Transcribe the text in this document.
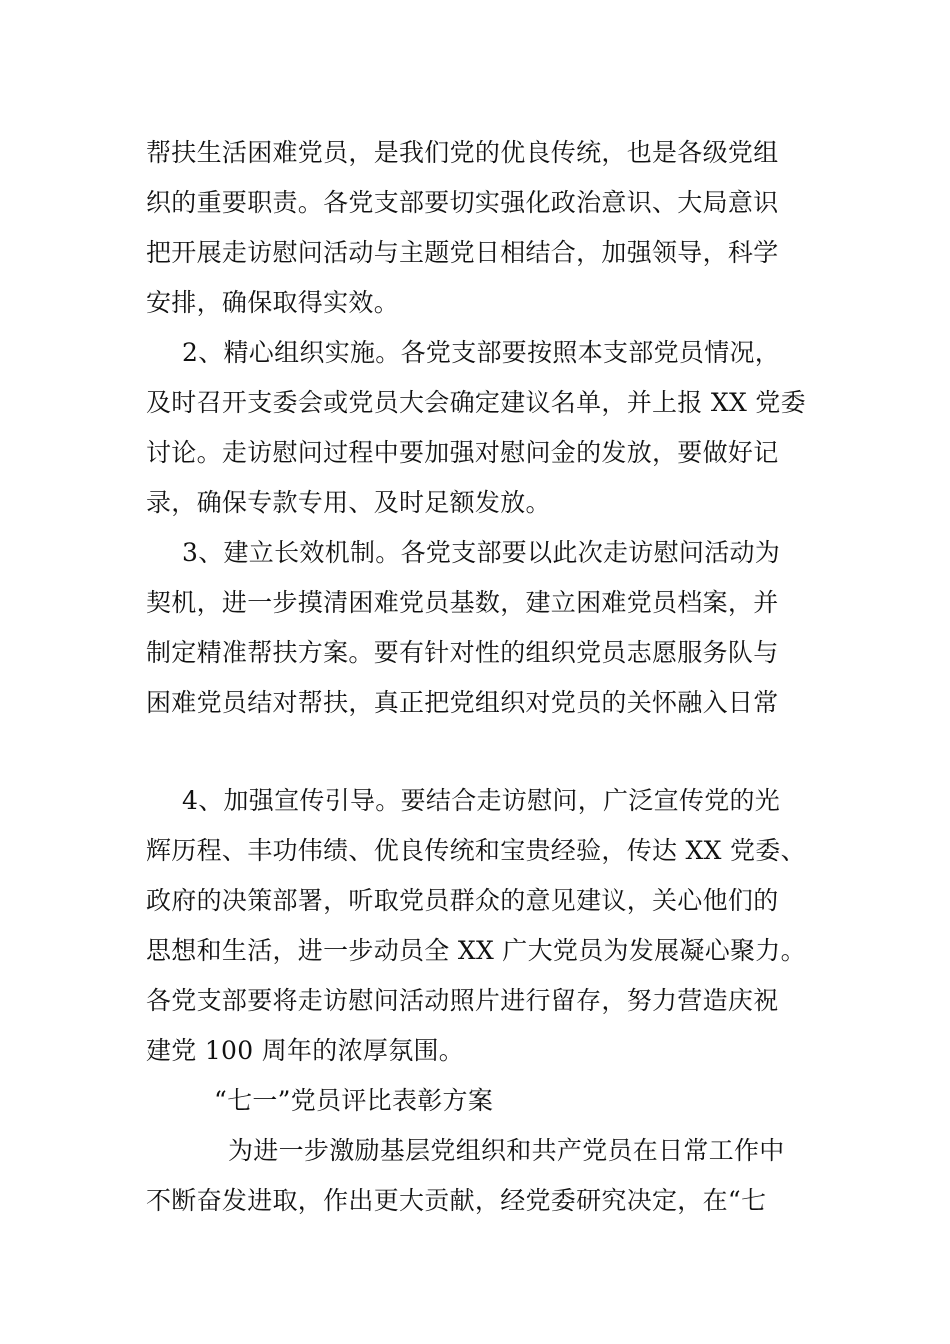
帮扶生活困难党员，是我们党的优良传统，也是各级党组
织的重要职责。各党支部要切实强化政治意识、大局意识
把开展走访慰问活动与主题党日相结合，加强领导，科学
安排，确保取得实效。
2、精心组织实施。各党支部要按照本支部党员情况，
及时召开支委会或党员大会确定建议名单，并上报 XX 党委
讨论。走访慰问过程中要加强对慰问金的发放，要做好记
录，确保专款专用、及时足额发放。
3、建立长效机制。各党支部要以此次走访慰问活动为
契机，进一步摸清困难党员基数，建立困难党员档案，并
制定精准帮扶方案。要有针对性的组织党员志愿服务队与
困难党员结对帮扶，真正把党组织对党员的关怀融入日常
4、加强宣传引导。要结合走访慰问，广泛宣传党的光
辉历程、丰功伟绩、优良传统和宝贵经验，传达 XX 党委、
政府的决策部署，听取党员群众的意见建议，关心他们的
思想和生活，进一步动员全 XX 广大党员为发展凝心聚力。
各党支部要将走访慰问活动照片进行留存，努力营造庆祝
建党 100 周年的浓厚氛围。
“七一”党员评比表彰方案
为进一步激励基层党组织和共产党员在日常工作中
不断奋发进取，作出更大贡献，经党委研究决定，在“七
